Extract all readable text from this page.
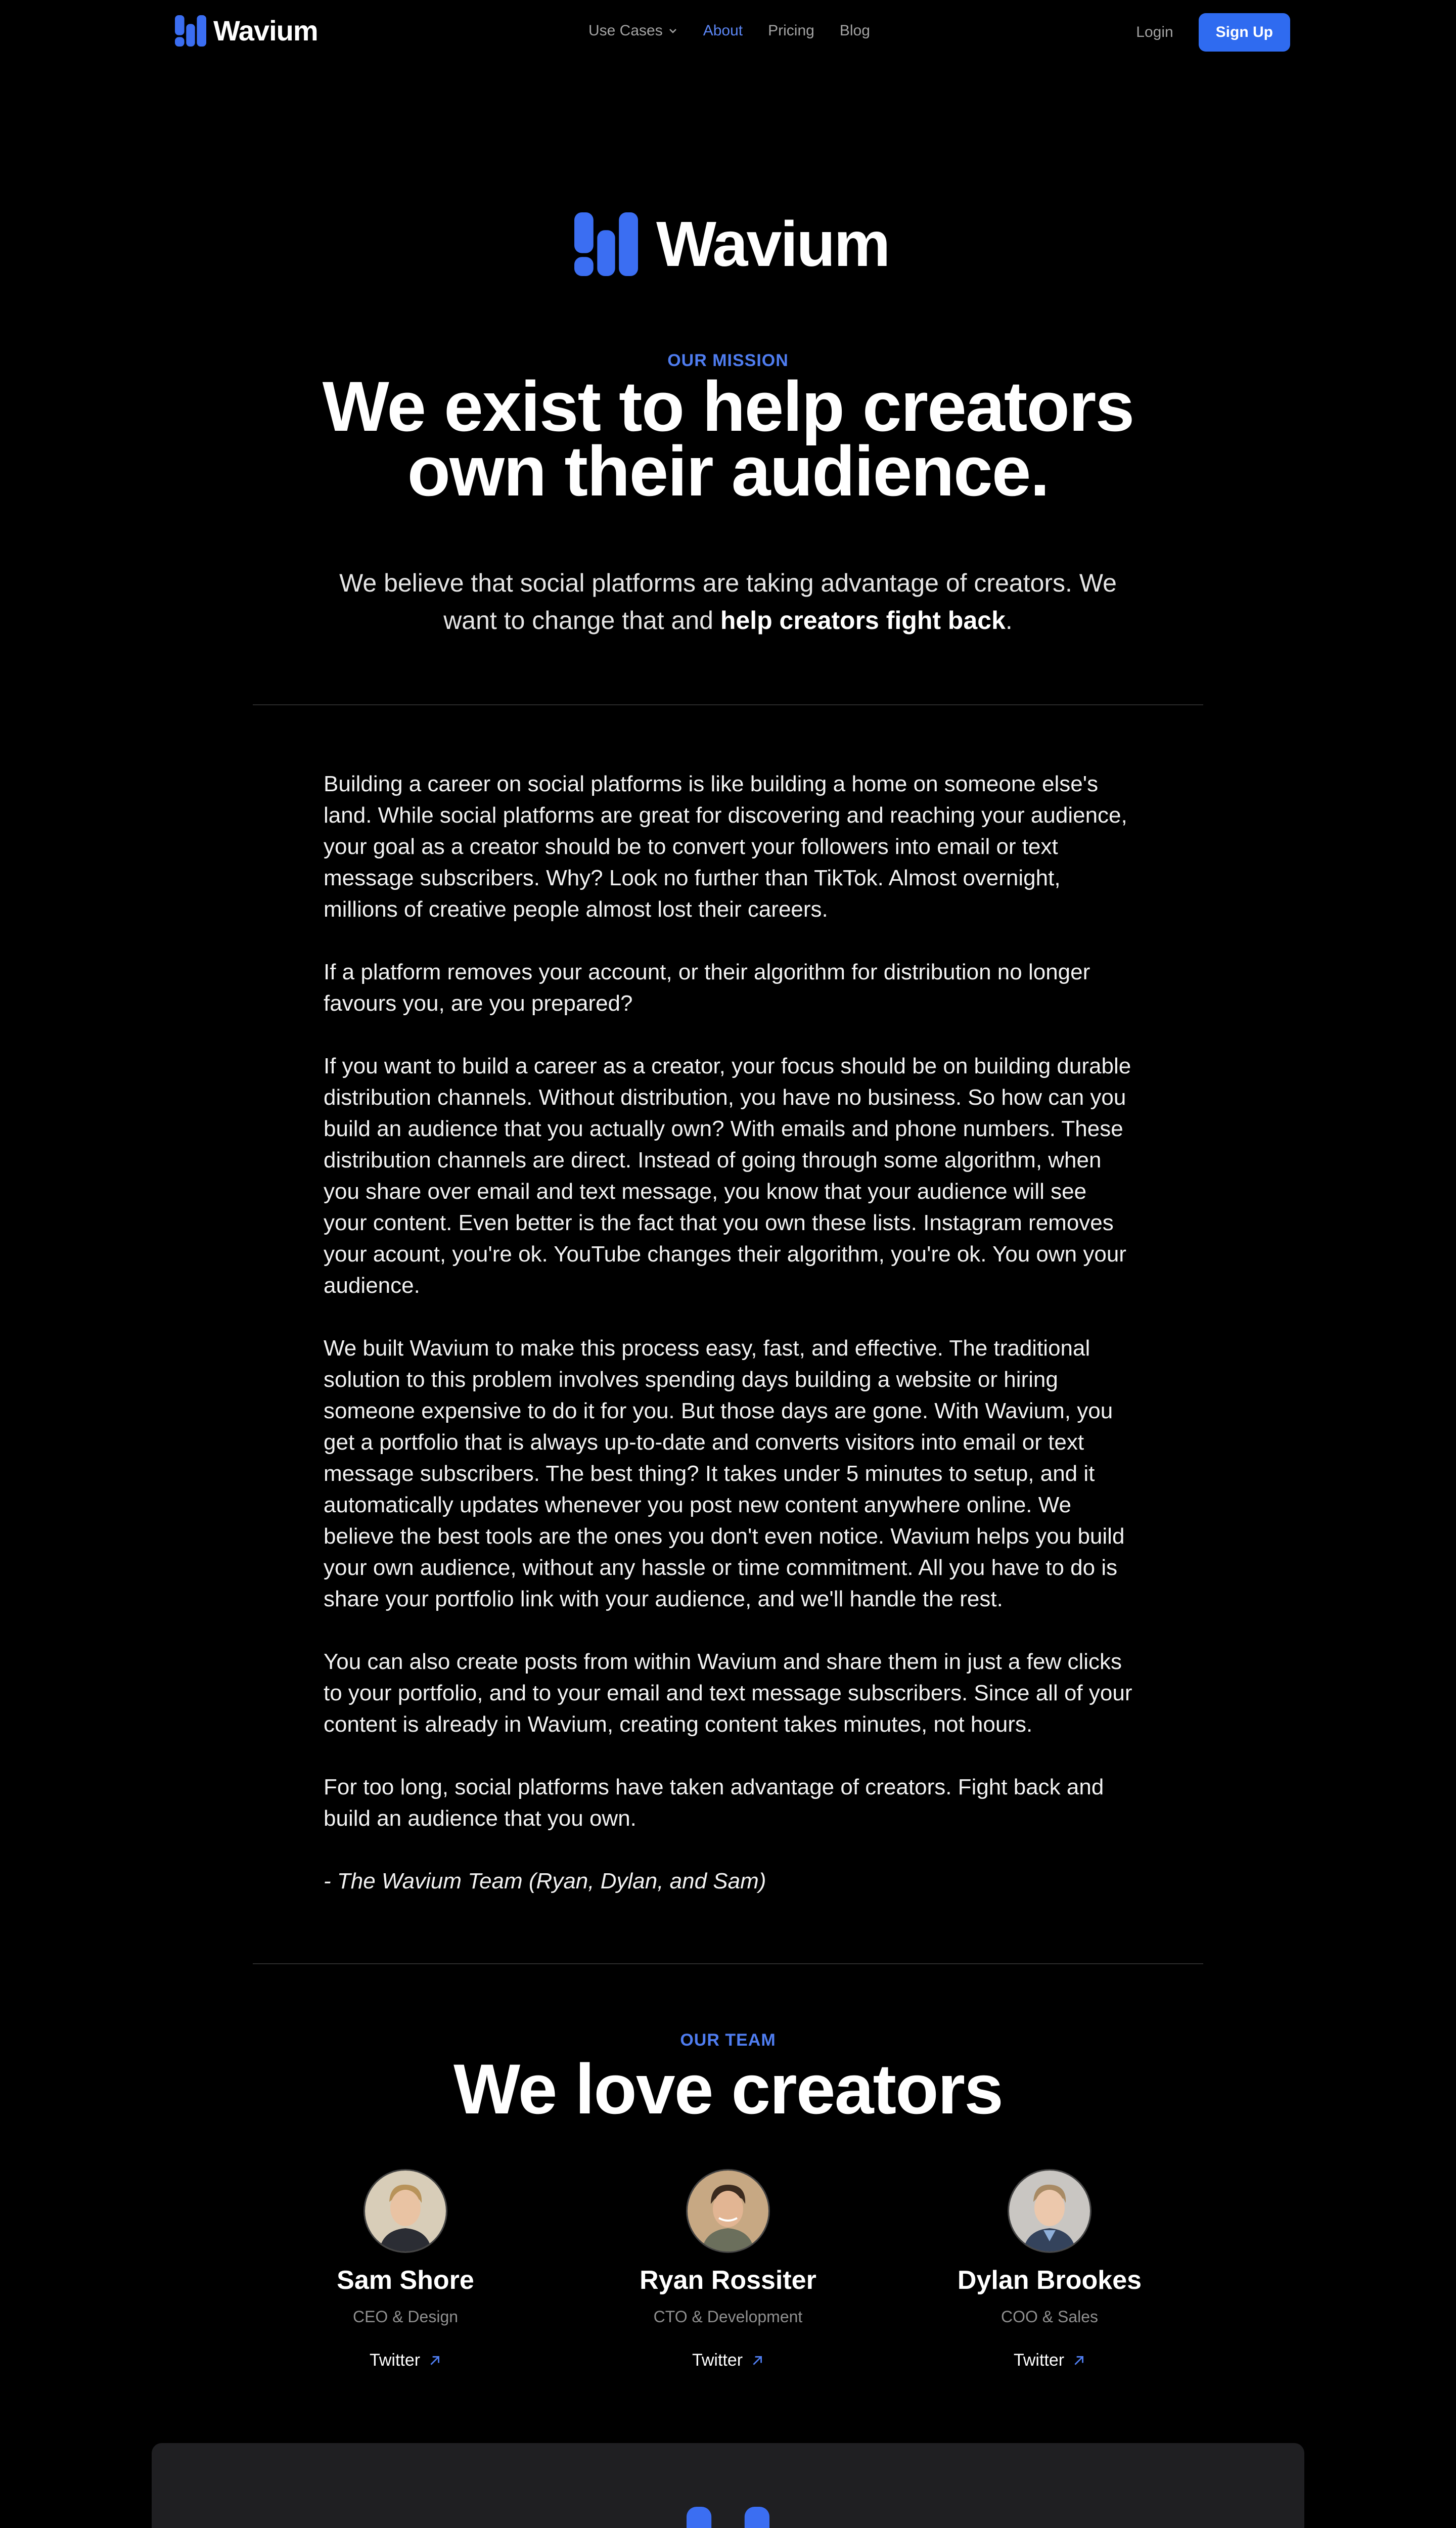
Wavium	Use Cases	About Pricing Blog	Login	Sign Up
Wavium
OUR MISSION
We exist to help creators
own their audience.
We believe that social platforms are taking advantage of creators. We
want to change that and help creators fight back.

Building a career on social platforms is like building a home on someone else's land. While social platforms are great for discovering and reaching your audience, your goal as a creator should be to convert your followers into email or text message subscribers. Why? Look no further than TikTok. Almost overnight, millions of creative people almost lost their careers.

If a platform removes your account, or their algorithm for distribution no longer favours you, are you prepared?

If you want to build a career as a creator, your focus should be on building durable distribution channels. Without distribution, you have no business. So how can you build an audience that you actually own? With emails and phone numbers. These distribution channels are direct. Instead of going through some algorithm, when you share over email and text message, you know that your audience will see your content. Even better is the fact that you own these lists. Instagram removes your acount, you're ok. YouTube changes their algorithm, you're ok. You own your audience.

We built Wavium to make this process easy, fast, and effective. The traditional solution to this problem involves spending days building a website or hiring someone expensive to do it for you. But those days are gone. With Wavium, you get a portfolio that is always up-to-date and converts visitors into email or text message subscribers. The best thing? It takes under 5 minutes to setup, and it automatically updates whenever you post new content anywhere online. We believe the best tools are the ones you don't even notice. Wavium helps you build your own audience, without any hassle or time commitment. All you have to do is share your portfolio link with your audience, and we'll handle the rest.

You can also create posts from within Wavium and share them in just a few clicks to your portfolio, and to your email and text message subscribers. Since all of your content is already in Wavium, creating content takes minutes, not hours.

For too long, social platforms have taken advantage of creators. Fight back and build an audience that you own.

- The Wavium Team (Ryan, Dylan, and Sam)

OUR TEAM
We love creators
Sam Shore
CEO & Design
Twitter
Ryan Rossiter
CTO & Development
Twitter
Dylan Brookes
COO & Sales
Twitter
